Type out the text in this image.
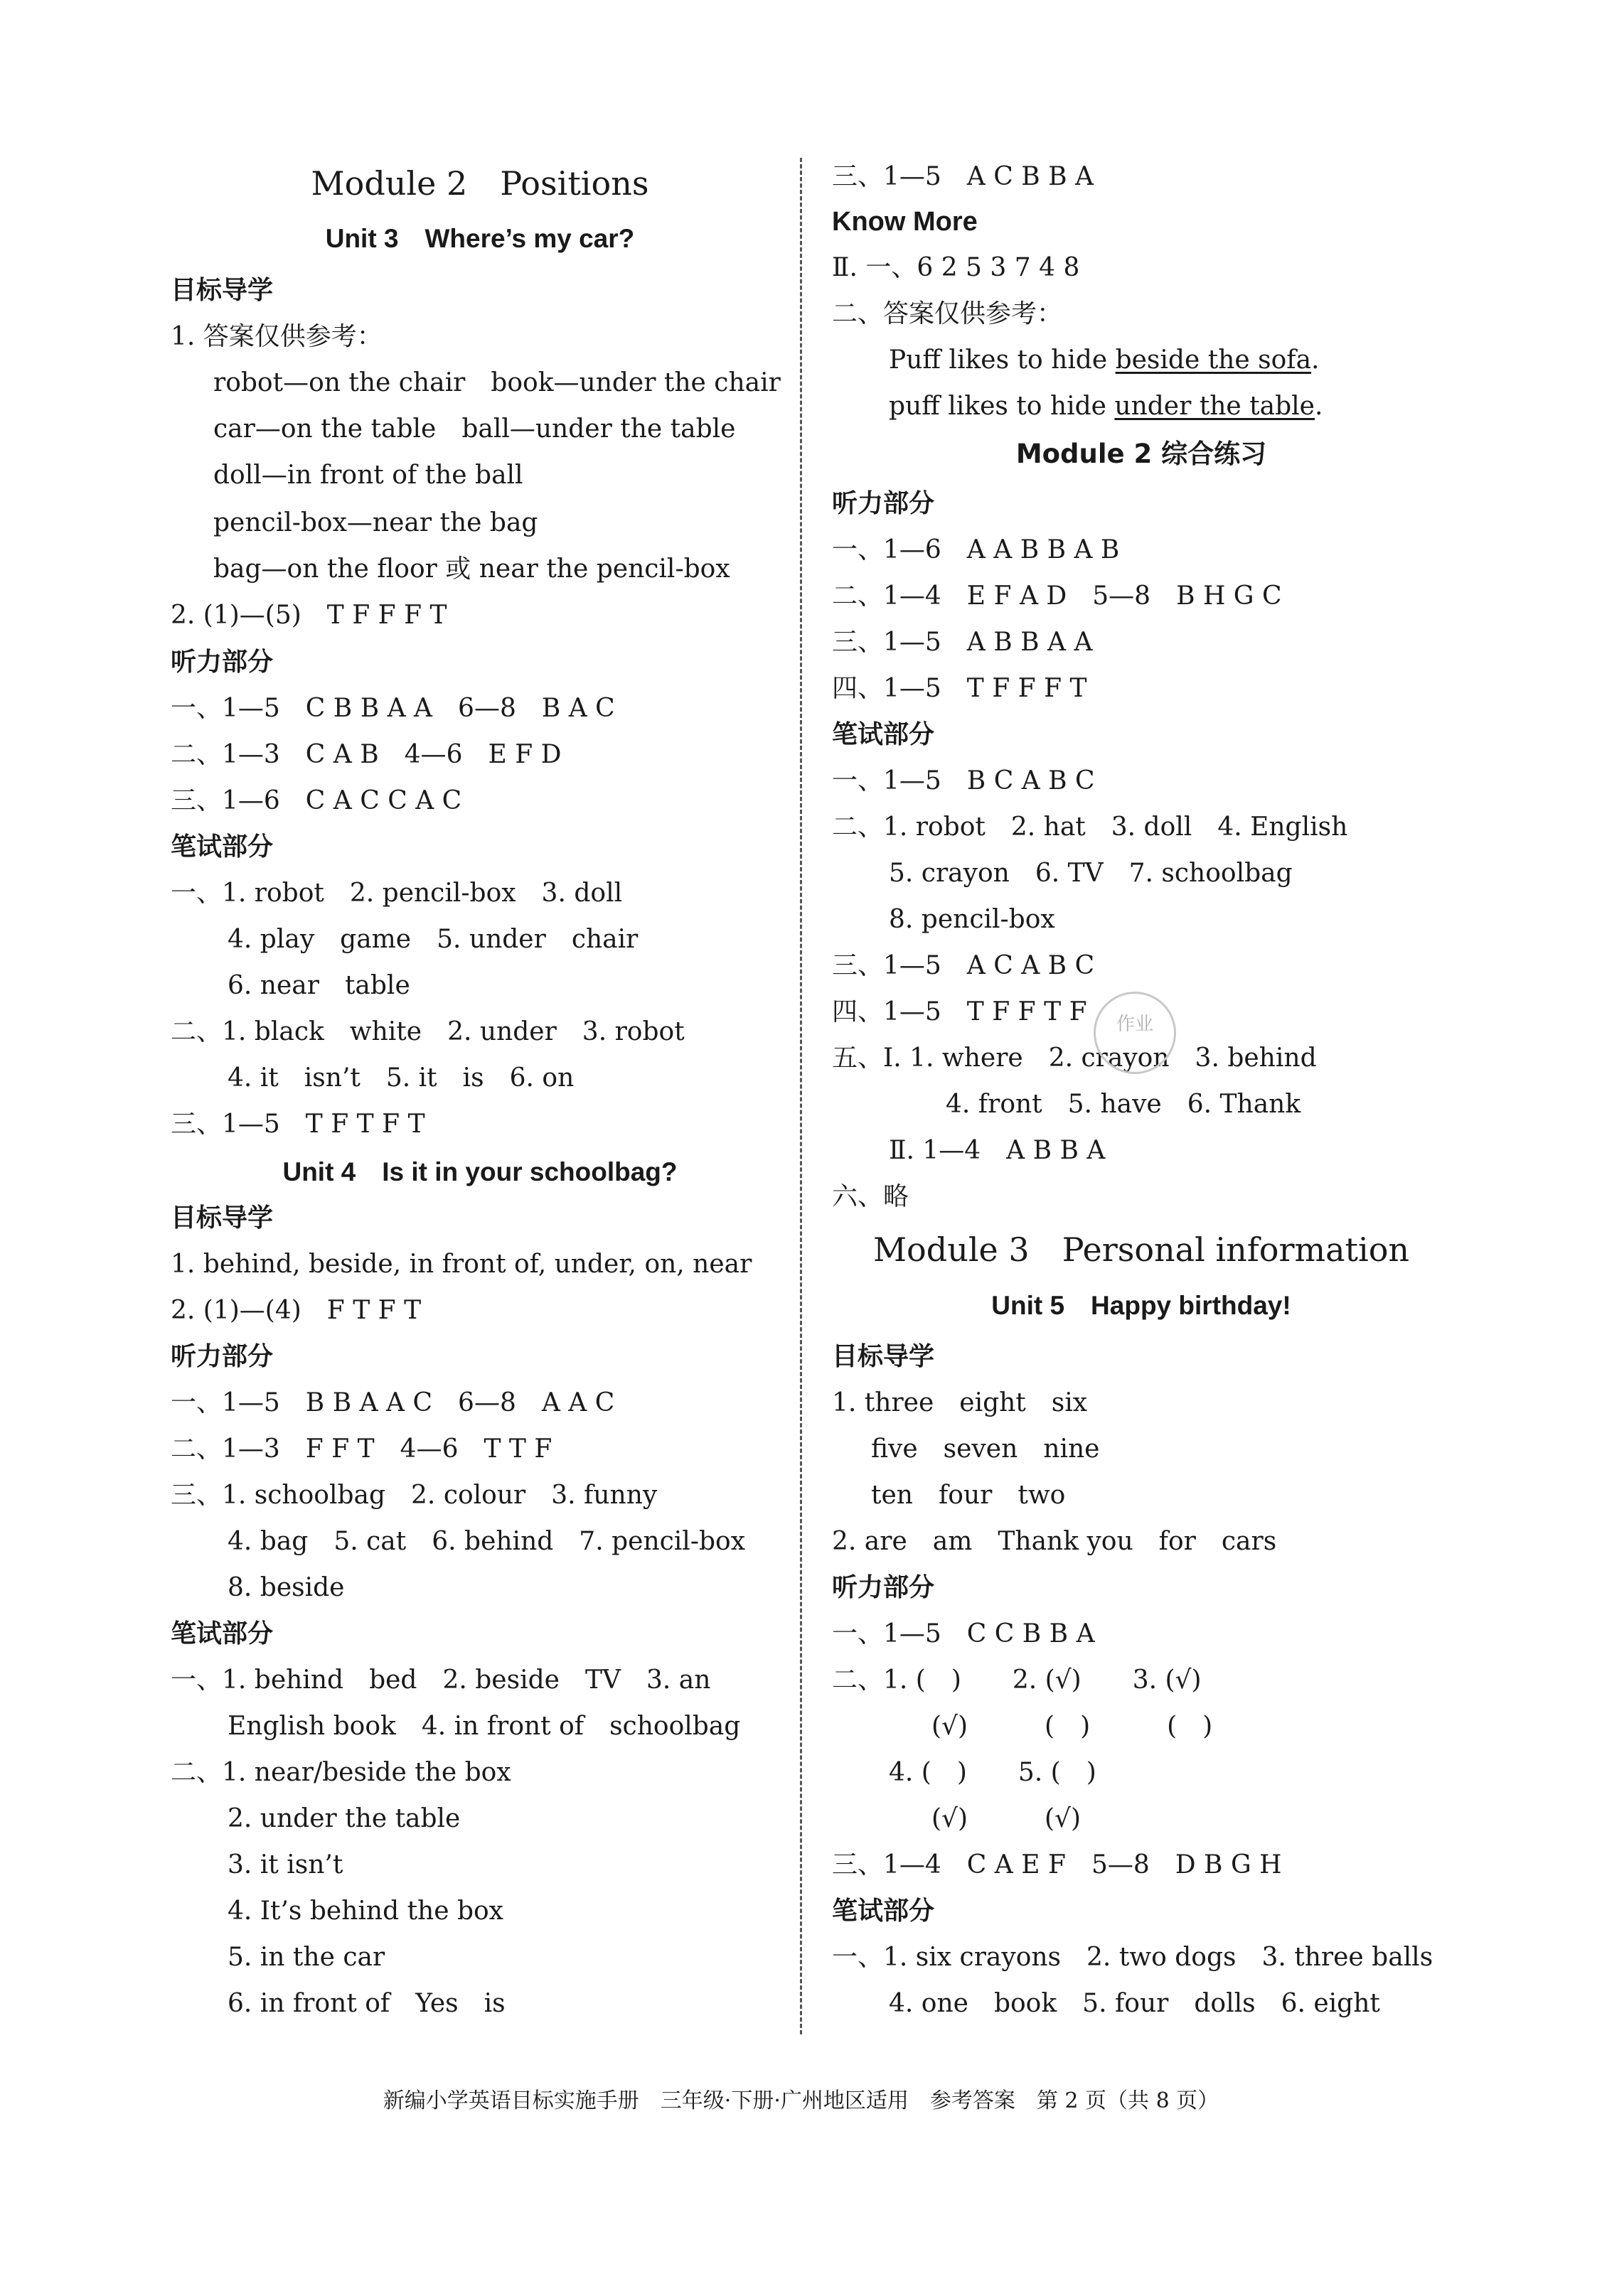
Module 2　Positions
Unit 3　Where’s my car?
目标导学
1. 答案仅供参考：
robot—on the chair　book—under the chair
car—on the table　ball—under the table
doll—in front of the ball
pencil-box—near the bag
bag—on the floor 或 near the pencil-box
2. (1)—(5)　T F F F T
听力部分
一、1—5　C B B A A　6—8　B A C
二、1—3　C A B　4—6　E F D
三、1—6　C A C C A C
笔试部分
一、1. robot　2. pencil-box　3. doll
4. play　game　5. under　chair
6. near　table
二、1. black　white　2. under　3. robot
4. it　isn’t　5. it　is　6. on
三、1—5　T F T F T
Unit 4　Is it in your schoolbag?
目标导学
1. behind, beside, in front of, under, on, near
2. (1)—(4)　F T F T
听力部分
一、1—5　B B A A C　6—8　A A C
二、1—3　F F T　4—6　T T F
三、1. schoolbag　2. colour　3. funny
4. bag　5. cat　6. behind　7. pencil-box
8. beside
笔试部分
一、1. behind　bed　2. beside　TV　3. an
English book　4. in front of　schoolbag
二、1. near/beside the box
2. under the table
3. it isn’t
4. It’s behind the box
5. in the car
6. in front of　Yes　is
三、1—5　A C B B A
Know More
Ⅱ. 一、6 2 5 3 7 4 8
二、答案仅供参考：
Puff likes to hide beside the sofa.
puff likes to hide under the table.
Module 2 综合练习
听力部分
一、1—6　A A B B A B
二、1—4　E F A D　5—8　B H G C
三、1—5　A B B A A
四、1—5　T F F F T
笔试部分
一、1—5　B C A B C
二、1. robot　2. hat　3. doll　4. English
5. crayon　6. TV　7. schoolbag
8. pencil-box
三、1—5　A C A B C
四、1—5　T F F T F
五、Ⅰ. 1. where　2. crayon　3. behind
4. front　5. have　6. Thank
Ⅱ. 1—4　A B B A
六、略
Module 3　Personal information
Unit 5　Happy birthday!
目标导学
1. three　eight　six
five　seven　nine
ten　four　two
2. are　am　Thank you　for　cars
听力部分
一、1—5　C C B B A
二、1. (　)　　2. (√)　　3. (√)
(√)　　　(　)　　　(　)
4. (　)　　5. (　)
(√)　　　(√)
三、1—4　C A E F　5—8　D B G H
笔试部分
一、1. six crayons　2. two dogs　3. three balls
4. one　book　5. four　dolls　6. eight
作业
新编小学英语目标实施手册　三年级·下册·广州地区适用　参考答案　第 2 页（共 8 页）
